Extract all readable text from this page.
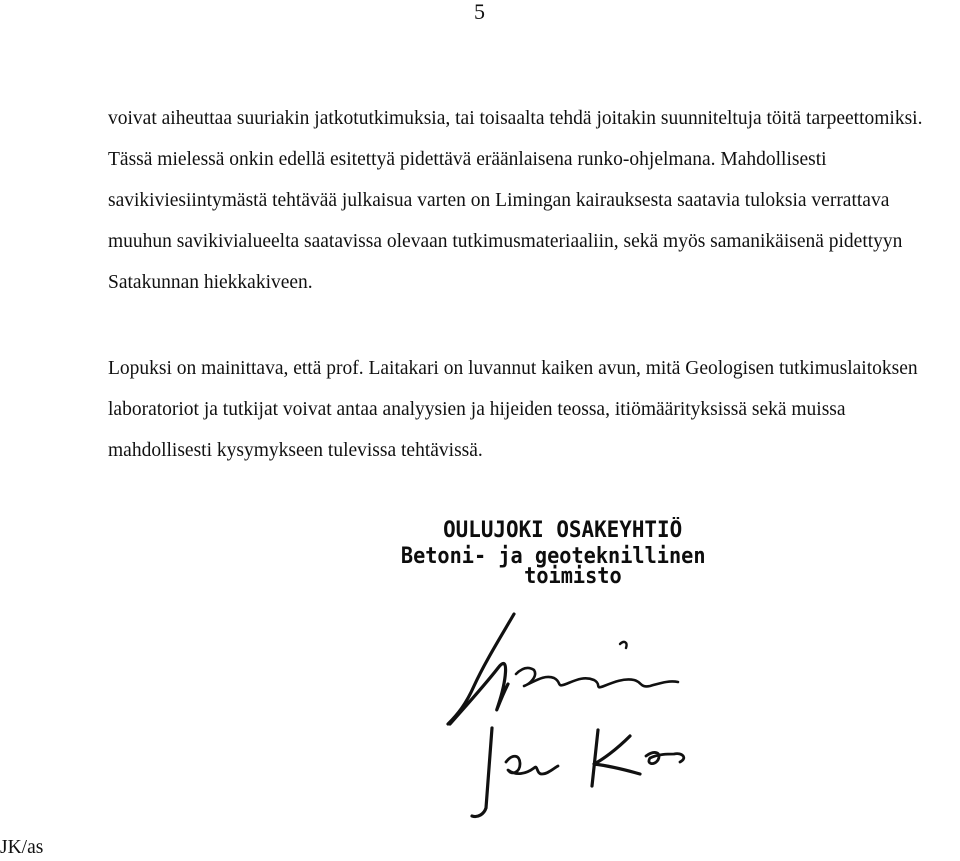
5

voivat aiheuttaa suuriakin jatkotutkimuksia, tai toisaalta tehdä joitakin suunniteltuja töitä tarpeettomiksi. Tässä mielessä onkin edellä esitettyä pidettävä eräänlaisena runko-ohjelmana. Mahdollisesti savikiviesiintymästä tehtävää julkaisua varten on Limingan kairauksesta saatavia tuloksia verrattava muuhun savikivialueelta saatavissa olevaan tutkimusmateriaaliin, sekä myös samanikäisenä pidettyyn Satakunnan hiekkakiveen.

Lopuksi on mainittava, että prof. Laitakari on luvannut kaiken avun, mitä Geologisen tutkimuslaitoksen laboratoriot ja tutkijat voivat antaa analyysien ja hijeiden teossa, itiömäärityksissä sekä muissa mahdollisesti kysymykseen tulevissa tehtävissä.

OULUJOKI OSAKEYHTIÖ
Betoni- ja geoteknillinen
toimisto
JK/as
